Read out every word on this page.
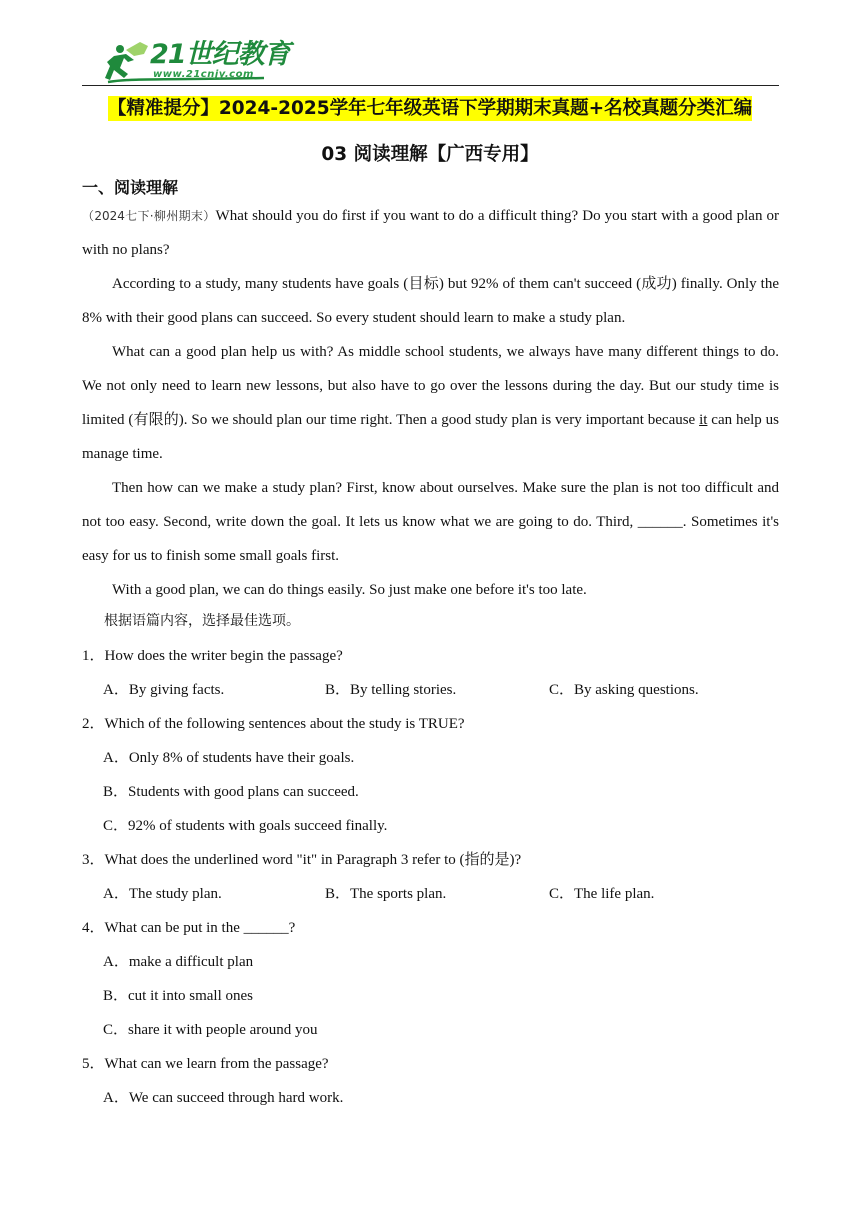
21世纪教育
www.21cnjy.com
【精准提分】2024-2025学年七年级英语下学期期末真题+名校真题分类汇编
03 阅读理解【广西专用】
一、阅读理解

（2024七下·柳州期末）What should you do first if you want to do a difficult thing? Do you start with a good plan or with no plans?

According to a study, many students have goals (目标) but 92% of them can't succeed (成功) finally. Only the 8% with their good plans can succeed. So every student should learn to make a study plan.

What can a good plan help us with? As middle school students, we always have many different things to do. We not only need to learn new lessons, but also have to go over the lessons during the day. But our study time is limited (有限的). So we should plan our time right. Then a good study plan is very important because it can help us manage time.

Then how can we make a study plan? First, know about ourselves. Make sure the plan is not too difficult and not too easy. Second, write down the goal. It lets us know what we are going to do. Third, ______. Sometimes it's easy for us to finish some small goals first.

With a good plan, we can do things easily. So just make one before it's too late.

根据语篇内容，选择最佳选项。
1．How does the writer begin the passage?
A．By giving facts.	B．By telling stories.	C．By asking questions.
2．Which of the following sentences about the study is TRUE?
A．Only 8% of students have their goals.
B．Students with good plans can succeed.
C．92% of students with goals succeed finally.
3．What does the underlined word "it" in Paragraph 3 refer to (指的是)?
A．The study plan.	B．The sports plan.	C．The life plan.
4．What can be put in the ______?
A．make a difficult plan
B．cut it into small ones
C．share it with people around you
5．What can we learn from the passage?
A．We can succeed through hard work.
